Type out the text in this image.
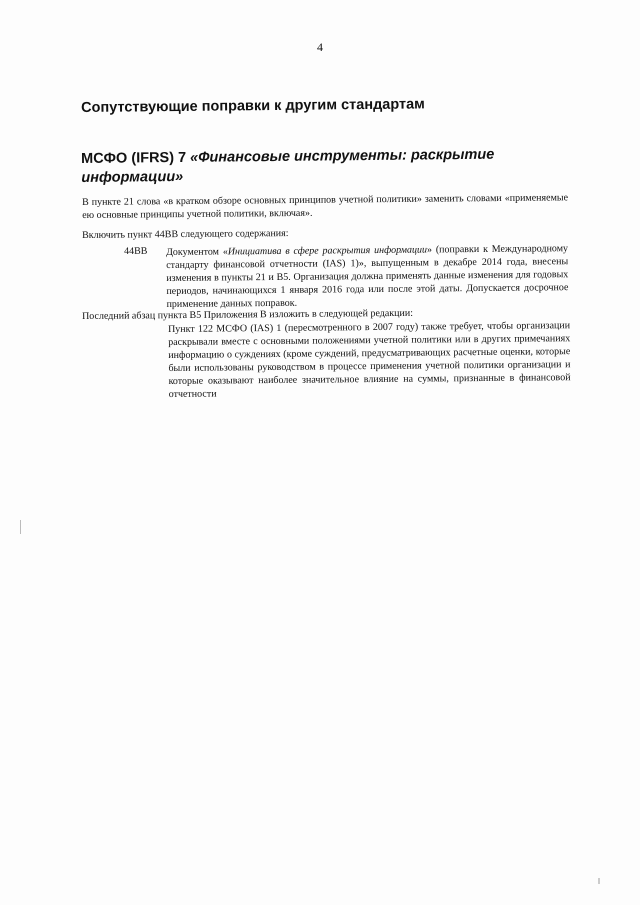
4
Сопутствующие поправки к другим стандартам
МСФО (IFRS) 7 «Финансовые инструменты: раскрытие информации»

В пункте 21 слова «в кратком обзоре основных принципов учетной политики» заменить словами «применяемые ею основные принципы учетной политики, включая».

Включить пункт 44ВВ следующего содержания:

44ВВ	Документом «Инициатива в сфере раскрытия информации» (поправки к Международному стандарту финансовой отчетности (IAS) 1)», выпущенным в декабре 2014 года, внесены изменения в пункты 21 и В5. Организация должна применять данные изменения для годовых периодов, начинающихся 1 января 2016 года или после этой даты. Допускается досрочное применение данных поправок.

Последний абзац пункта В5 Приложения В изложить в следующей редакции:

Пункт 122 МСФО (IAS) 1 (пересмотренного в 2007 году) также требует, чтобы организации раскрывали вместе с основными положениями учетной политики или в других примечаниях информацию о суждениях (кроме суждений, предусматривающих расчетные оценки, которые были использованы руководством в процессе применения учетной политики организации и которые оказывают наиболее значительное влияние на суммы, признанные в финансовой отчетности
